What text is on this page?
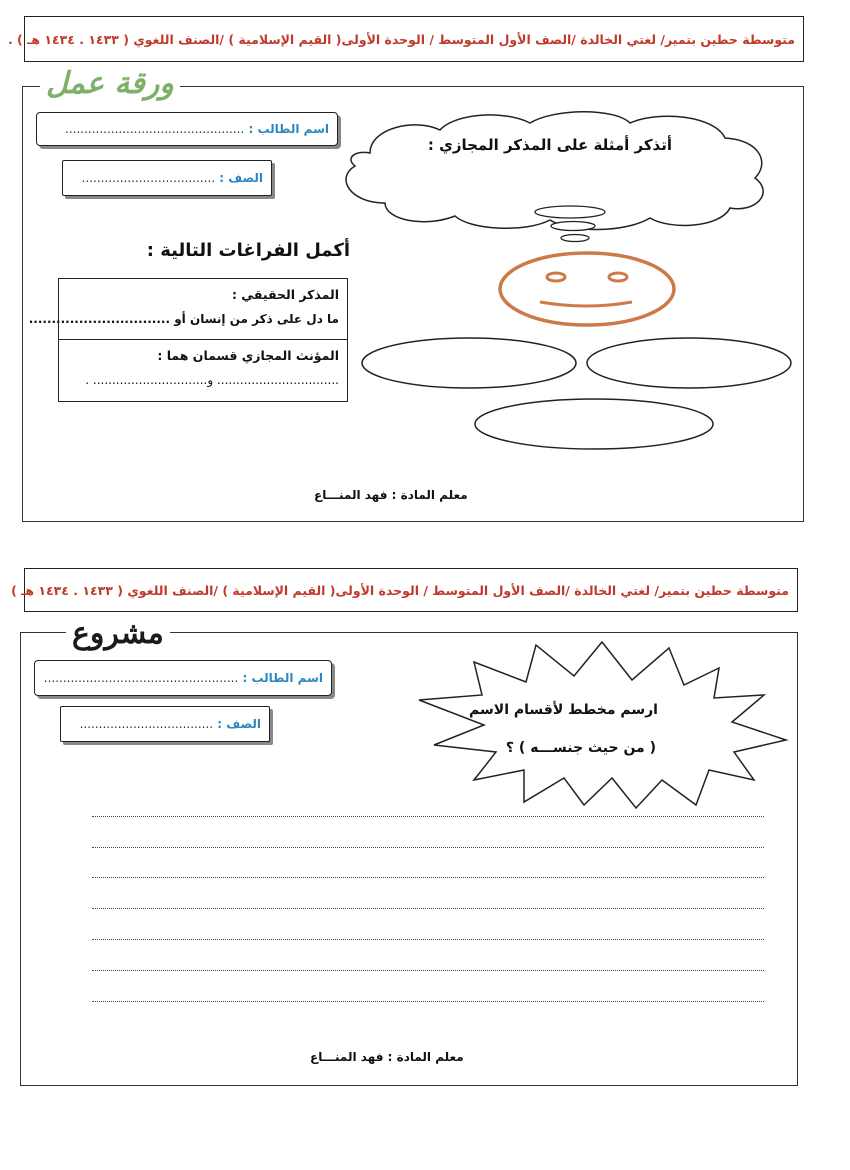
متوسطة حطين بتمير/ لغتي الخالدة /الصف الأول المتوسط / الوحدة الأولى( القيم الإسلامية ) /الصنف اللغوي ( ١٤٣٣ . ١٤٣٤ هـ ) .
ورقة عمل
اسم الطالب : ...............................................
الصف : ...................................
أتذكر أمثلة على المذكر المجازي :
أكمل الفراغات التالية :
المذكر الحقيقي :
ما دل على ذكر من إنسان أو ...............................
المؤنث المجازي قسمان هما :
................................ و.............................. .
معلم المادة : فهد المنـــاع
متوسطة حطين بتمير/ لغتي الخالدة /الصف الأول المتوسط / الوحدة الأولى( القيم الإسلامية ) /الصنف اللغوي ( ١٤٣٣ . ١٤٣٤ هـ )
مشروع
اسم الطالب : ...................................................
الصف : ...................................
ارسم مخطط لأقسام الاسم
( من حيث جنســـه ) ؟
معلم المادة : فهد المنـــاع
